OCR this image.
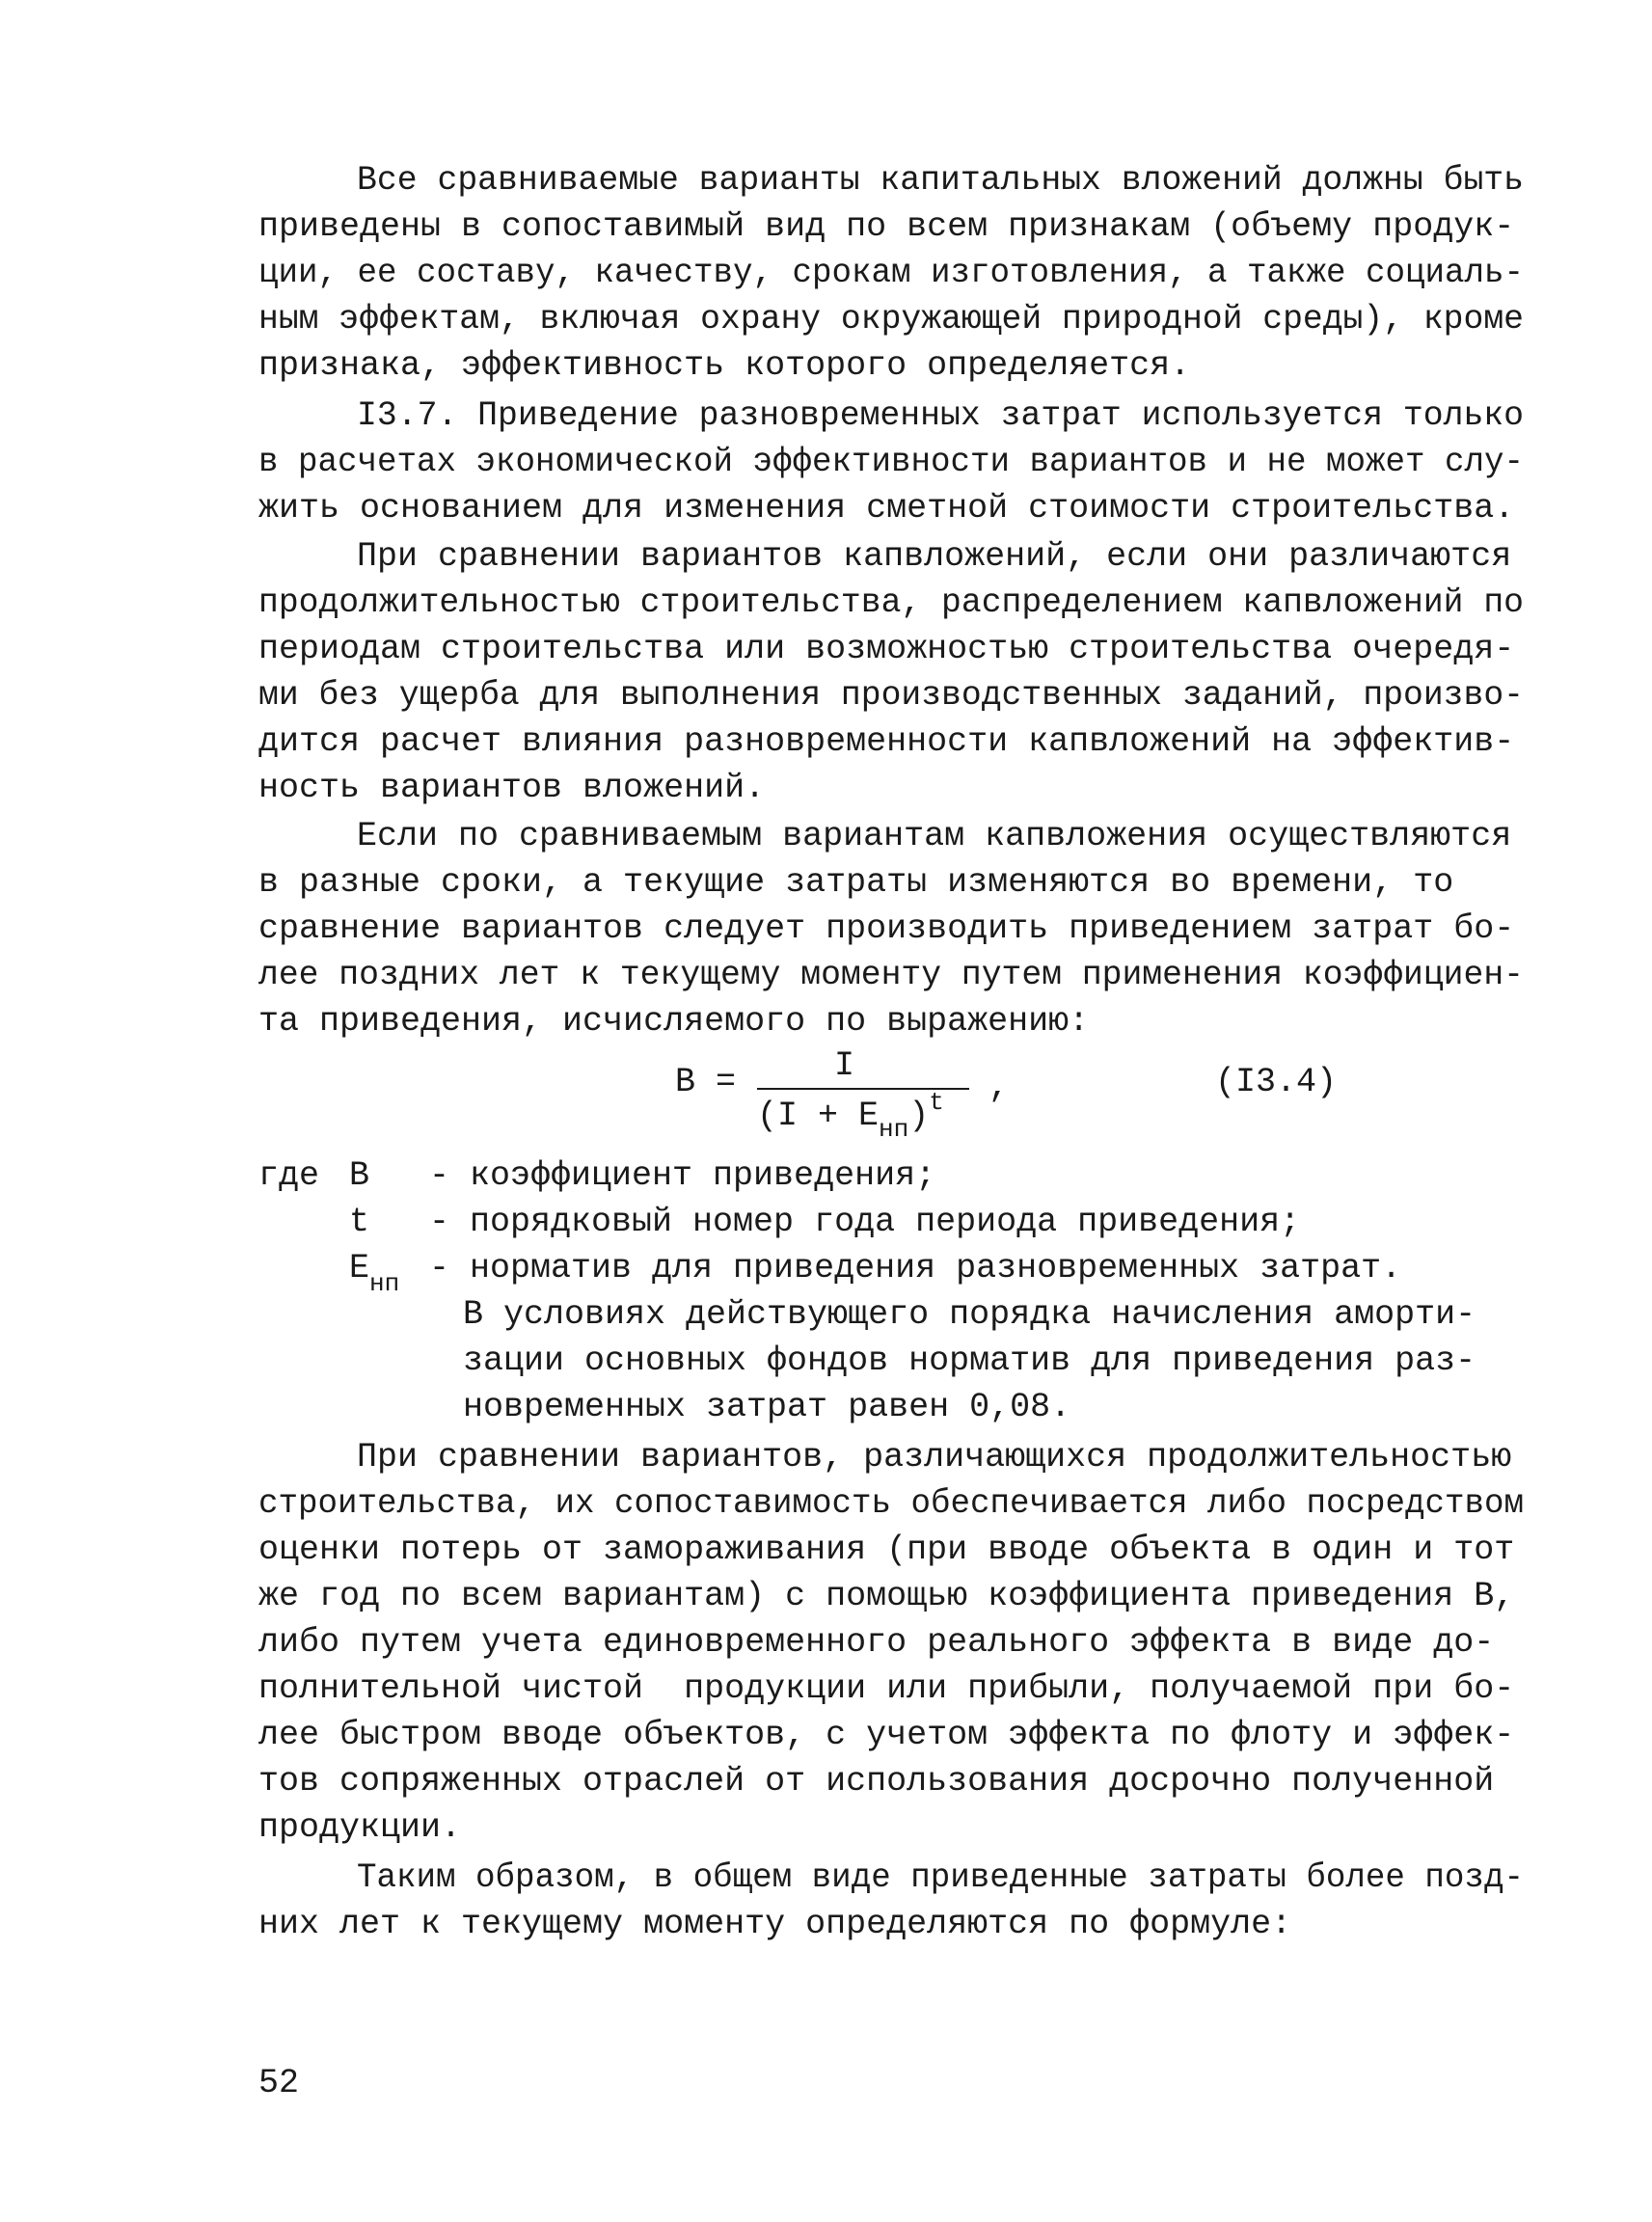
Все сравниваемые варианты капитальных вложений должны быть
приведены в сопоставимый вид по всем признакам (объему продук-
ции, ее составу, качеству, срокам изготовления, а также социаль-
ным эффектам, включая охрану окружающей природной среды), кроме
признака, эффективность которого определяется.
I3.7. Приведение разновременных затрат используется только
в расчетах экономической эффективности вариантов и не может слу-
жить основанием для изменения сметной стоимости строительства.
При сравнении вариантов капвложений, если они различаются
продолжительностью строительства, распределением капвложений по
периодам строительства или возможностью строительства очередя-
ми без ущерба для выполнения производственных заданий, произво-
дится расчет влияния разновременности капвложений на эффектив-
ность вариантов вложений.
Если по сравниваемым вариантам капвложения осуществляются
в разные сроки, а текущие затраты изменяются во времени, то
сравнение вариантов следует производить приведением затрат бо-
лее поздних лет к текущему моменту путем применения коэффициен-
та приведения, исчисляемого по выражению:
B =	I
$(I + E_{нп})^t$ ,	(I3.4)
где B - коэффициент приведения;
t - порядковый номер года периода приведения;
$E_{нп}$ - норматив для приведения разновременных затрат.
В условиях действующего порядка начисления аморти-
зации основных фондов норматив для приведения раз-
новременных затрат равен 0,08.
При сравнении вариантов, различающихся продолжительностью
строительства, их сопоставимость обеспечивается либо посредством
оценки потерь от замораживания (при вводе объекта в один и тот
же год по всем вариантам) с помощью коэффициента приведения B,
либо путем учета единовременного реального эффекта в виде до-
полнительной чистой  продукции или прибыли, получаемой при бо-
лее быстром вводе объектов, с учетом эффекта по флоту и эффек-
тов сопряженных отраслей от использования досрочно полученной
продукции.
Таким образом, в общем виде приведенные затраты более позд-
них лет к текущему моменту определяются по формуле:
52
